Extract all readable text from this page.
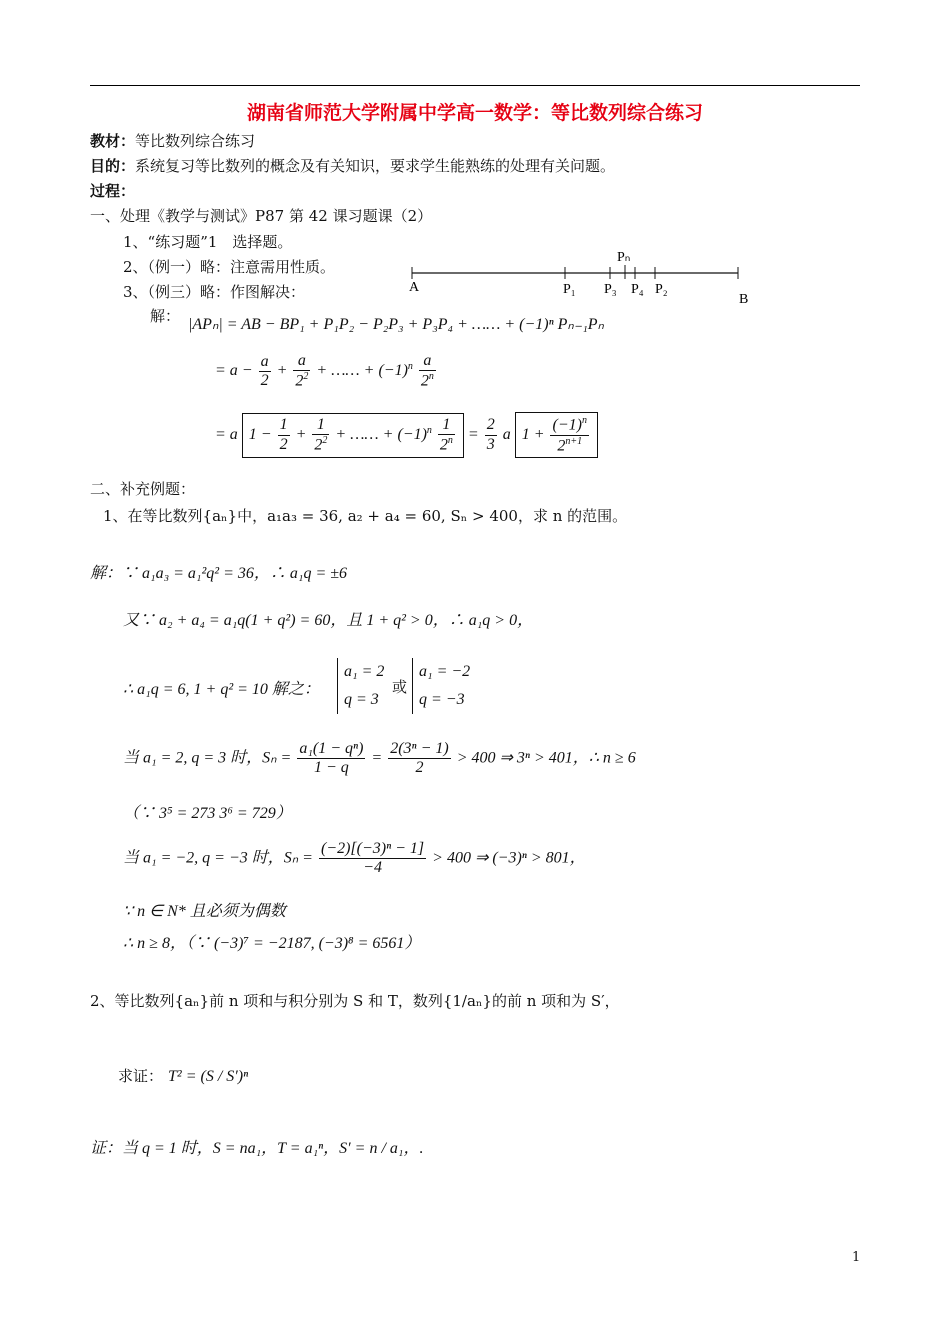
湖南省师范大学附属中学高一数学：等比数列综合练习
教材：等比数列综合练习
目的：系统复习等比数列的概念及有关知识，要求学生能熟练的处理有关问题。
过程：
一、处理《教学与测试》P87 第 42 课习题课（2）
1、“练习题”1　选择题。
2、（例一）略：注意需用性质。
3、（例三）略：作图解决：	A
B
Pₙ
P₁ P₃ P₄ P₂
解： |APₙ| = AB − BP₁ + P₁P₂ − P₂P₃ + P₃P₄ + …… + (−1)ⁿ Pₙ₋₁Pₙ
= $a - \frac{a}{2} + \frac{a}{2^2}$ + …… + $(-1)^n \frac{a}{2^n}$
= a $1 - \frac{1}{2} + \frac{1}{2^2}$ + …… + $(-1)^n \frac{1}{2^n} = \frac{2}{3}$ a $1 + \frac{(-1)^n}{2^{n+1}}$
二、补充例题：
1、在等比数列{aₙ}中，a₁a₃ = 36, a₂ + a₄ = 60, Sₙ > 400，求 n 的范围。
解：∵ a₁a₃ = a₁²q² = 36，∴ a₁q = ±6
又∵ a₂ + a₄ = a₁q(1 + q²) = 60，且 1 + q² > 0，∴ a₁q > 0，
∴ a₁q = 6, 1 + q² = 10 解之：
a₁ = 2
q = 3
或
a₁ = −2
q = −3
当 a₁ = 2, q = 3 时，$S_n = \frac{\text{a₁(1 − qⁿ)}}{1 - q} = \frac{\text{2(3ⁿ − 1)}}{2} > 400$ ⇒ 3ⁿ > 401，∴ n ≥ 6
（∵ 3⁵ = 273 3⁶ = 729）
当 a₁ = −2, q = −3 时，$S_n = \frac{\text{(−2)[(−3)ⁿ − 1]}}{-4} > 400$ ⇒ (−3)ⁿ > 801，
∵ n ∈ N* 且必须为偶数
∴ n ≥ 8，（∵ (−3)⁷ = −2187, (−3)⁸ = 6561）
2、等比数列{aₙ}前 n 项和与积分别为 S 和 T，数列{1/aₙ}的前 n 项和为 S′，
求证： T² = (S / S′)ⁿ
证：当 q = 1 时，S = na₁，T = a₁ⁿ，S′ = n / a₁，.
1
